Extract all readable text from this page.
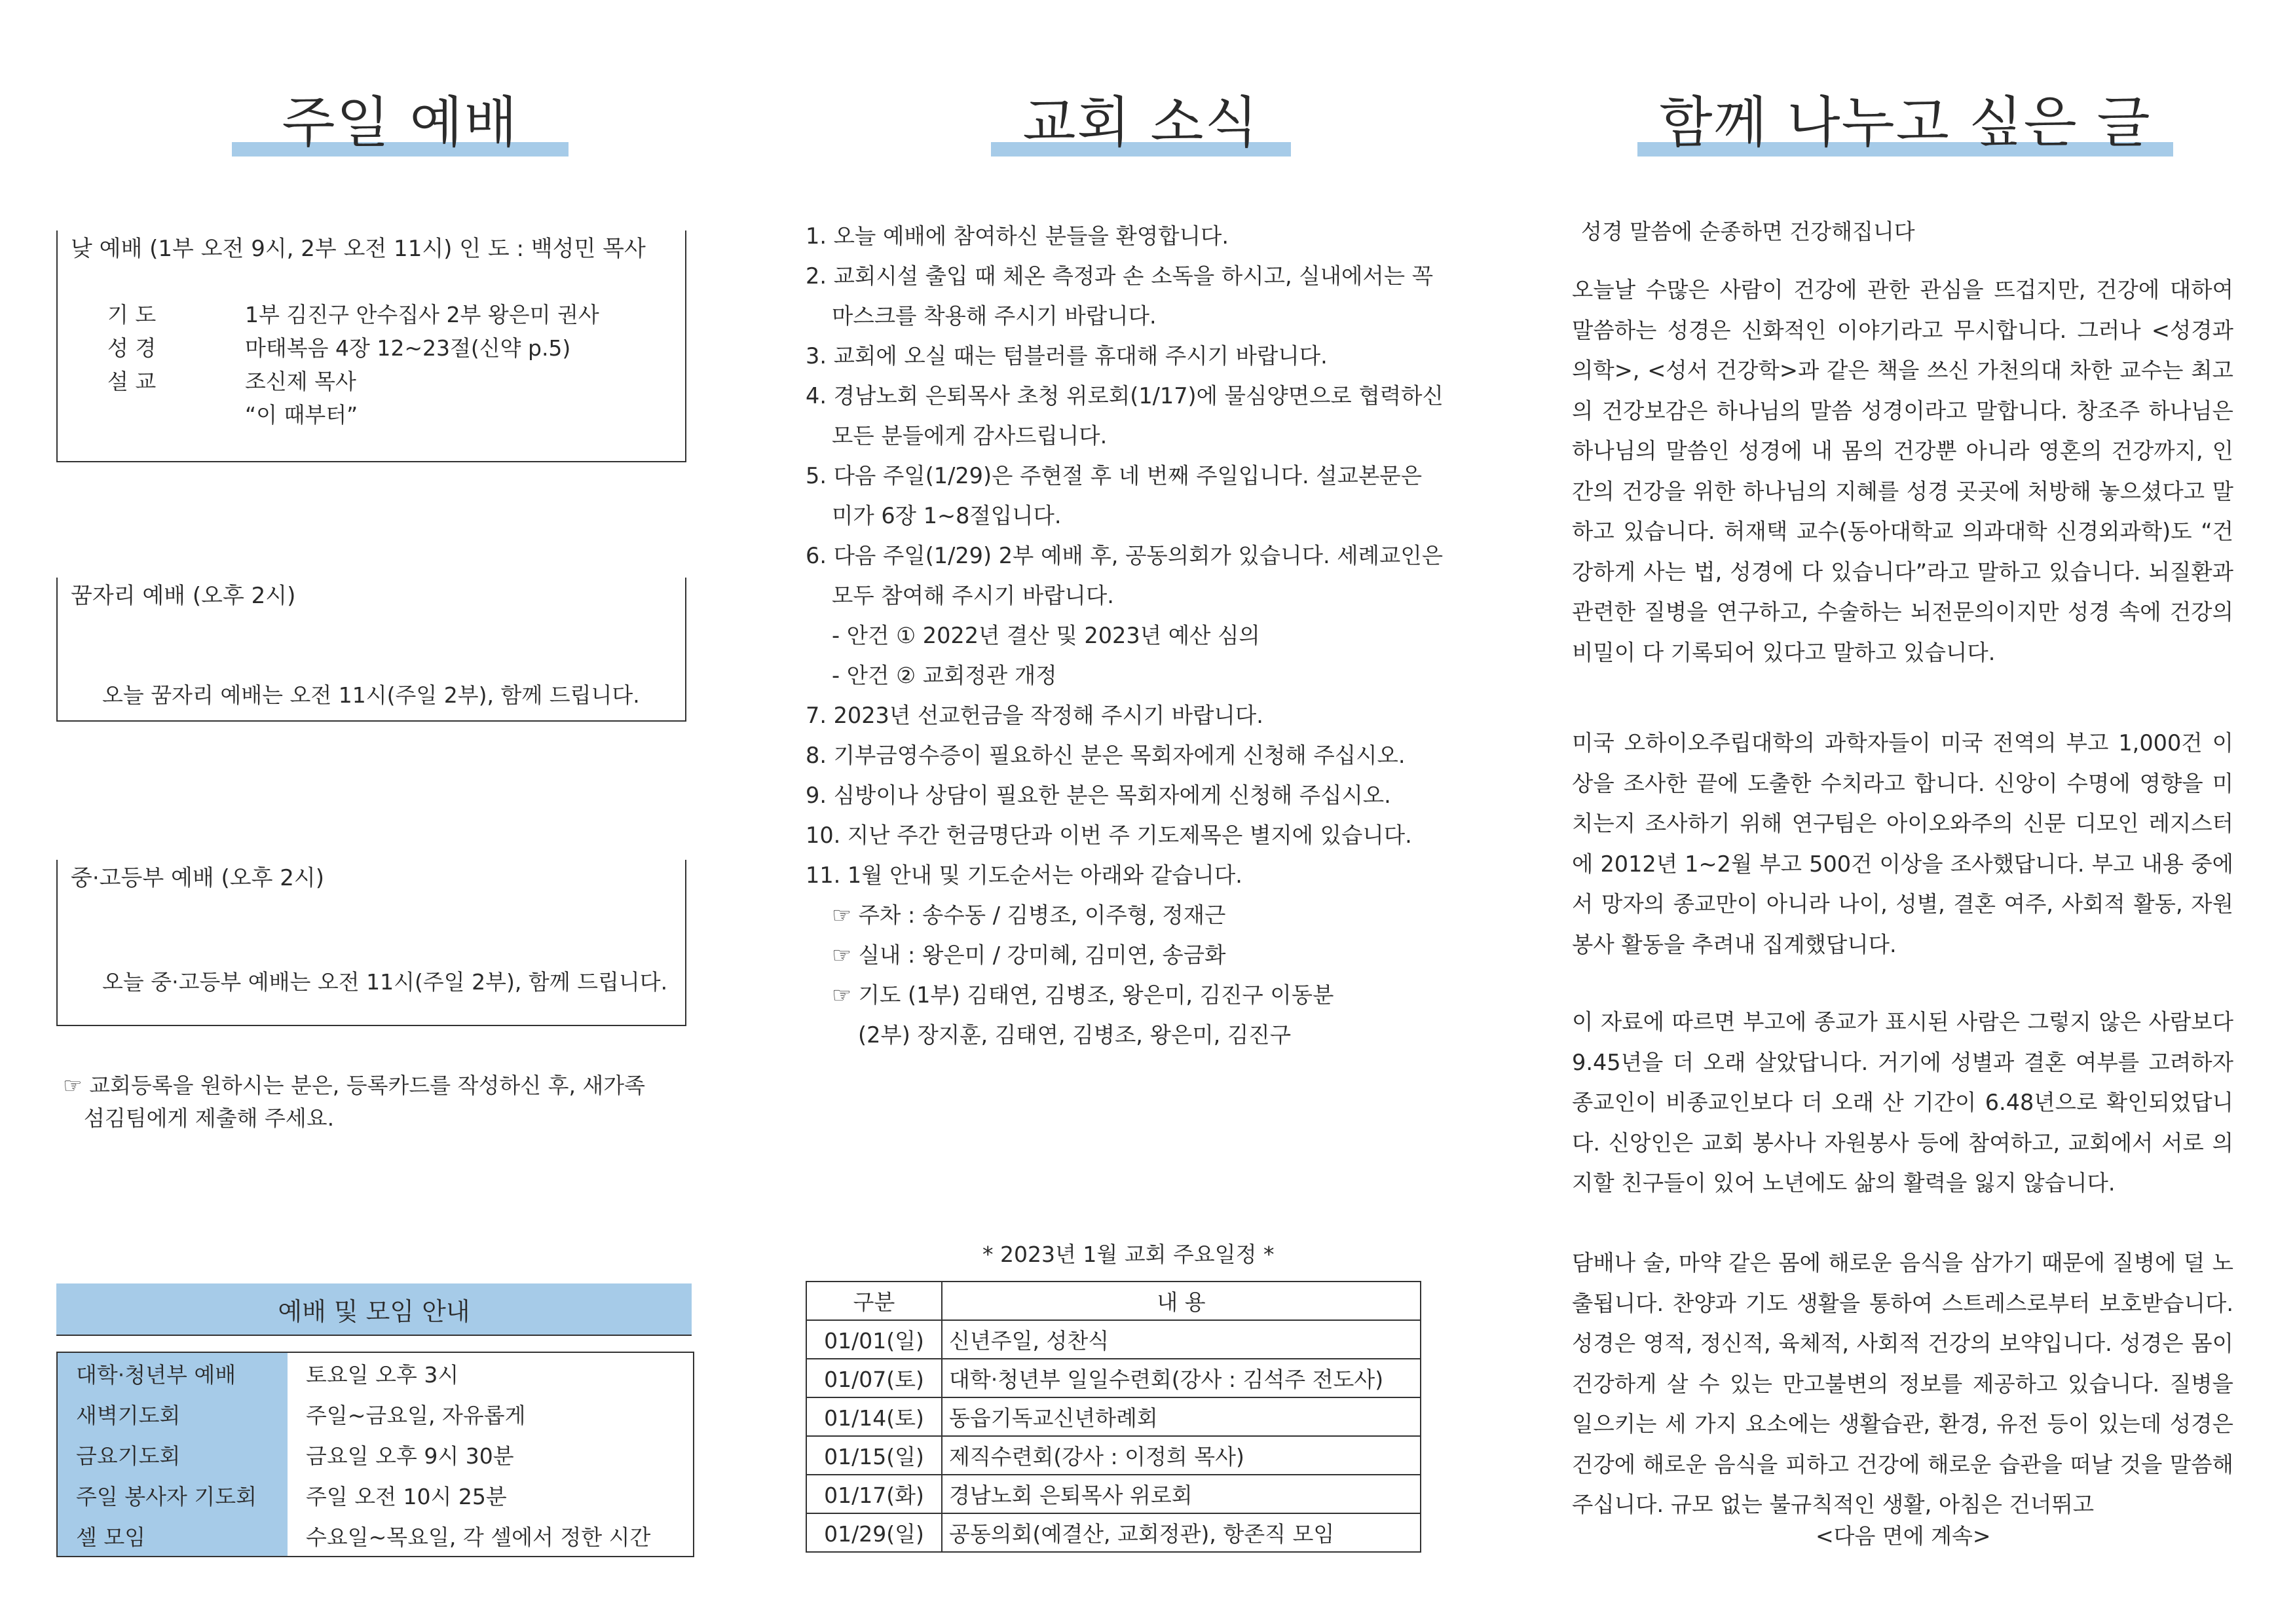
주일 예배
낮 예배 (1부 오전 9시, 2부 오전 11시) 인 도 : 백성민 목사
기 도	1부 김진구 안수집사 2부 왕은미 권사
성 경	마태복음 4장 12~23절(신약 p.5)
설 교	조신제 목사
“이 때부터”
꿈자리 예배 (오후 2시)
오늘 꿈자리 예배는 오전 11시(주일 2부), 함께 드립니다.
중·고등부 예배 (오후 2시)
오늘 중·고등부 예배는 오전 11시(주일 2부), 함께 드립니다.
☞ 교회등록을 원하시는 분은, 등록카드를 작성하신 후, 새가족
섬김팀에게 제출해 주세요.
예배 및 모임 안내
대학·청년부 예배	토요일 오후 3시
새벽기도회	주일~금요일, 자유롭게
금요기도회	금요일 오후 9시 30분
주일 봉사자 기도회	주일 오전 10시 25분
셀 모임	수요일~목요일, 각 셀에서 정한 시간
교회 소식
1. 오늘 예배에 참여하신 분들을 환영합니다.
2. 교회시설 출입 때 체온 측정과 손 소독을 하시고, 실내에서는 꼭
마스크를 착용해 주시기 바랍니다.
3. 교회에 오실 때는 텀블러를 휴대해 주시기 바랍니다.
4. 경남노회 은퇴목사 초청 위로회(1/17)에 물심양면으로 협력하신
모든 분들에게 감사드립니다.
5. 다음 주일(1/29)은 주현절 후 네 번째 주일입니다. 설교본문은
미가 6장 1~8절입니다.
6. 다음 주일(1/29) 2부 예배 후, 공동의회가 있습니다. 세례교인은
모두 참여해 주시기 바랍니다.
- 안건 ① 2022년 결산 및 2023년 예산 심의
- 안건 ② 교회정관 개정
7. 2023년 선교헌금을 작정해 주시기 바랍니다.
8. 기부금영수증이 필요하신 분은 목회자에게 신청해 주십시오.
9. 심방이나 상담이 필요한 분은 목회자에게 신청해 주십시오.
10. 지난 주간 헌금명단과 이번 주 기도제목은 별지에 있습니다.
11. 1월 안내 및 기도순서는 아래와 같습니다.
☞ 주차 : 송수동 / 김병조, 이주형, 정재근
☞ 실내 : 왕은미 / 강미혜, 김미연, 송금화
☞ 기도 (1부) 김태연, 김병조, 왕은미, 김진구 이동분
(2부) 장지훈, 김태연, 김병조, 왕은미, 김진구
* 2023년 1월 교회 주요일정 *
구분	내 용
01/01(일)	신년주일, 성찬식
01/07(토)	대학·청년부 일일수련회(강사 : 김석주 전도사)
01/14(토)	동읍기독교신년하례회
01/15(일)	제직수련회(강사 : 이정희 목사)
01/17(화)	경남노회 은퇴목사 위로회
01/29(일)	공동의회(예결산, 교회정관), 항존직 모임
함께 나누고 싶은 글
성경 말씀에 순종하면 건강해집니다

오늘날 수많은 사람이 건강에 관한 관심을 뜨겁지만, 건강에 대하여 말씀하는 성경은 신화적인 이야기라고 무시합니다. 그러나 <성경과 의학>, <성서 건강학>과 같은 책을 쓰신 가천의대 차한 교수는 최고의 건강보감은 하나님의 말씀 성경이라고 말합니다. 창조주 하나님은 하나님의 말씀인 성경에 내 몸의 건강뿐 아니라 영혼의 건강까지, 인간의 건강을 위한 하나님의 지혜를 성경 곳곳에 처방해 놓으셨다고 말하고 있습니다. 허재택 교수(동아대학교 의과대학 신경외과학)도 “건강하게 사는 법, 성경에 다 있습니다”라고 말하고 있습니다. 뇌질환과 관련한 질병을 연구하고, 수술하는 뇌전문의이지만 성경 속에 건강의 비밀이 다 기록되어 있다고 말하고 있습니다.

미국 오하이오주립대학의 과학자들이 미국 전역의 부고 1,000건 이상을 조사한 끝에 도출한 수치라고 합니다. 신앙이 수명에 영향을 미치는지 조사하기 위해 연구팀은 아이오와주의 신문 디모인 레지스터에 2012년 1~2월 부고 500건 이상을 조사했답니다. 부고 내용 중에서 망자의 종교만이 아니라 나이, 성별, 결혼 여주, 사회적 활동, 자원봉사 활동을 추려내 집계했답니다.

이 자료에 따르면 부고에 종교가 표시된 사람은 그렇지 않은 사람보다 9.45년을 더 오래 살았답니다. 거기에 성별과 결혼 여부를 고려하자 종교인이 비종교인보다 더 오래 산 기간이 6.48년으로 확인되었답니다. 신앙인은 교회 봉사나 자원봉사 등에 참여하고, 교회에서 서로 의지할 친구들이 있어 노년에도 삶의 활력을 잃지 않습니다.

담배나 술, 마약 같은 몸에 해로운 음식을 삼가기 때문에 질병에 덜 노출됩니다. 찬양과 기도 생활을 통하여 스트레스로부터 보호받습니다. 성경은 영적, 정신적, 육체적, 사회적 건강의 보약입니다. 성경은 몸이 건강하게 살 수 있는 만고불변의 정보를 제공하고 있습니다. 질병을 일으키는 세 가지 요소에는 생활습관, 환경, 유전 등이 있는데 성경은 건강에 해로운 음식을 피하고 건강에 해로운 습관을 떠날 것을 말씀해 주십니다. 규모 없는 불규칙적인 생활, 아침은 건너뛰고

<다음 면에 계속>
